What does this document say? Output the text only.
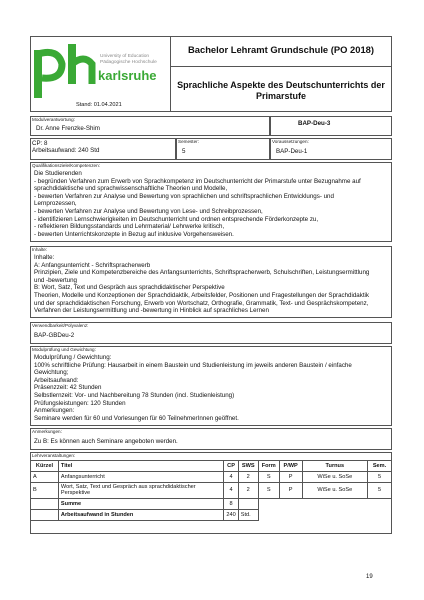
University of Education
Pädagogische Hochschule
karlsruhe
Stand: 01.04.2021
Bachelor Lehramt Grundschule (PO 2018)
Sprachliche Aspekte des Deutschunterrichts der Primarstufe
Modulverantwortung:
Dr. Anne Frenzke-Shim
BAP-Deu-3
CP: 8
Arbeitsaufwand: 240 Std
Semester:
5
Voraussetzungen:
BAP-Deu-1
Qualifikationsziele/Kompetenzen:
Die Studierenden
- begründen Verfahren zum Erwerb von Sprachkompetenz im Deutschunterricht der Primarstufe unter Bezugnahme auf
sprachdidaktische und sprachwissenschaftliche Theorien und Modelle,
- bewerten Verfahren zur Analyse und Bewertung von sprachlichen und schriftsprachlichen Entwicklungs- und
Lernprozessen,
- bewerten Verfahren zur Analyse und Bewertung von Lese- und Schreibprozessen,
- identifizieren Lernschwierigkeiten im Deutschunterricht und ordnen entsprechende Förderkonzepte zu,
- reflektieren Bildungsstandards und Lehrmaterial/ Lehrwerke kritisch,
- bewerten Unterrichtskonzepte in Bezug auf inklusive Vorgehensweisen.
Inhalte:
Inhalte:
A: Anfangsunterricht - Schriftspracherwerb
Prinzipien, Ziele und Kompetenzbereiche des Anfangsunterrichts, Schriftspracherwerb, Schulschriften, Leistungsermittlung
und -bewertung
B: Wort, Satz, Text und Gespräch aus sprachdidaktischer Perspektive
Theorien, Modelle und Konzeptionen der Sprachdidaktik, Arbeitsfelder, Positionen und Fragestellungen der Sprachdidaktik
und der sprachdidaktischen Forschung, Erwerb von Wortschatz, Orthografie, Grammatik, Text- und Gesprächskompetenz,
Verfahren der Leistungsermittlung und -bewertung in Hinblick auf sprachliches Lernen
Verwendbarkeit/Polyvalenz:
BAP-GBDeu-2
Modulprüfung und Gewichtung:
Modulprüfung / Gewichtung:
100% schriftliche Prüfung: Hausarbeit in einem Baustein und Studienleistung im jeweils anderen Baustein / einfache
Gewichtung;
Arbeitsaufwand:
Präsenzzeit: 42 Stunden
Selbstlernzeit: Vor- und Nachbereitung 78 Stunden (incl. Studienleistung)
Prüfungsleistungen: 120 Stunden
Anmerkungen:
Seminare werden für 60 und Vorlesungen für 60 TeilnehmerInnen geöffnet.
Anmerkungen:
Zu B: Es können auch Seminare angeboten werden.
Lehrveranstaltungen:
Kürzel	Titel	CP	SWS	Form	P/WP	Turnus	Sem.
A	Anfangsunterricht	4	2	S	P	WiSe u. SoSe	5
B	Wort, Satz, Text und Gespräch aus sprachdidaktischer Perspektive	4	2	S	P	WiSe u. SoSe	5
	Summe	8					
	Arbeitsaufwand in Stunden	240	Std.				
19
